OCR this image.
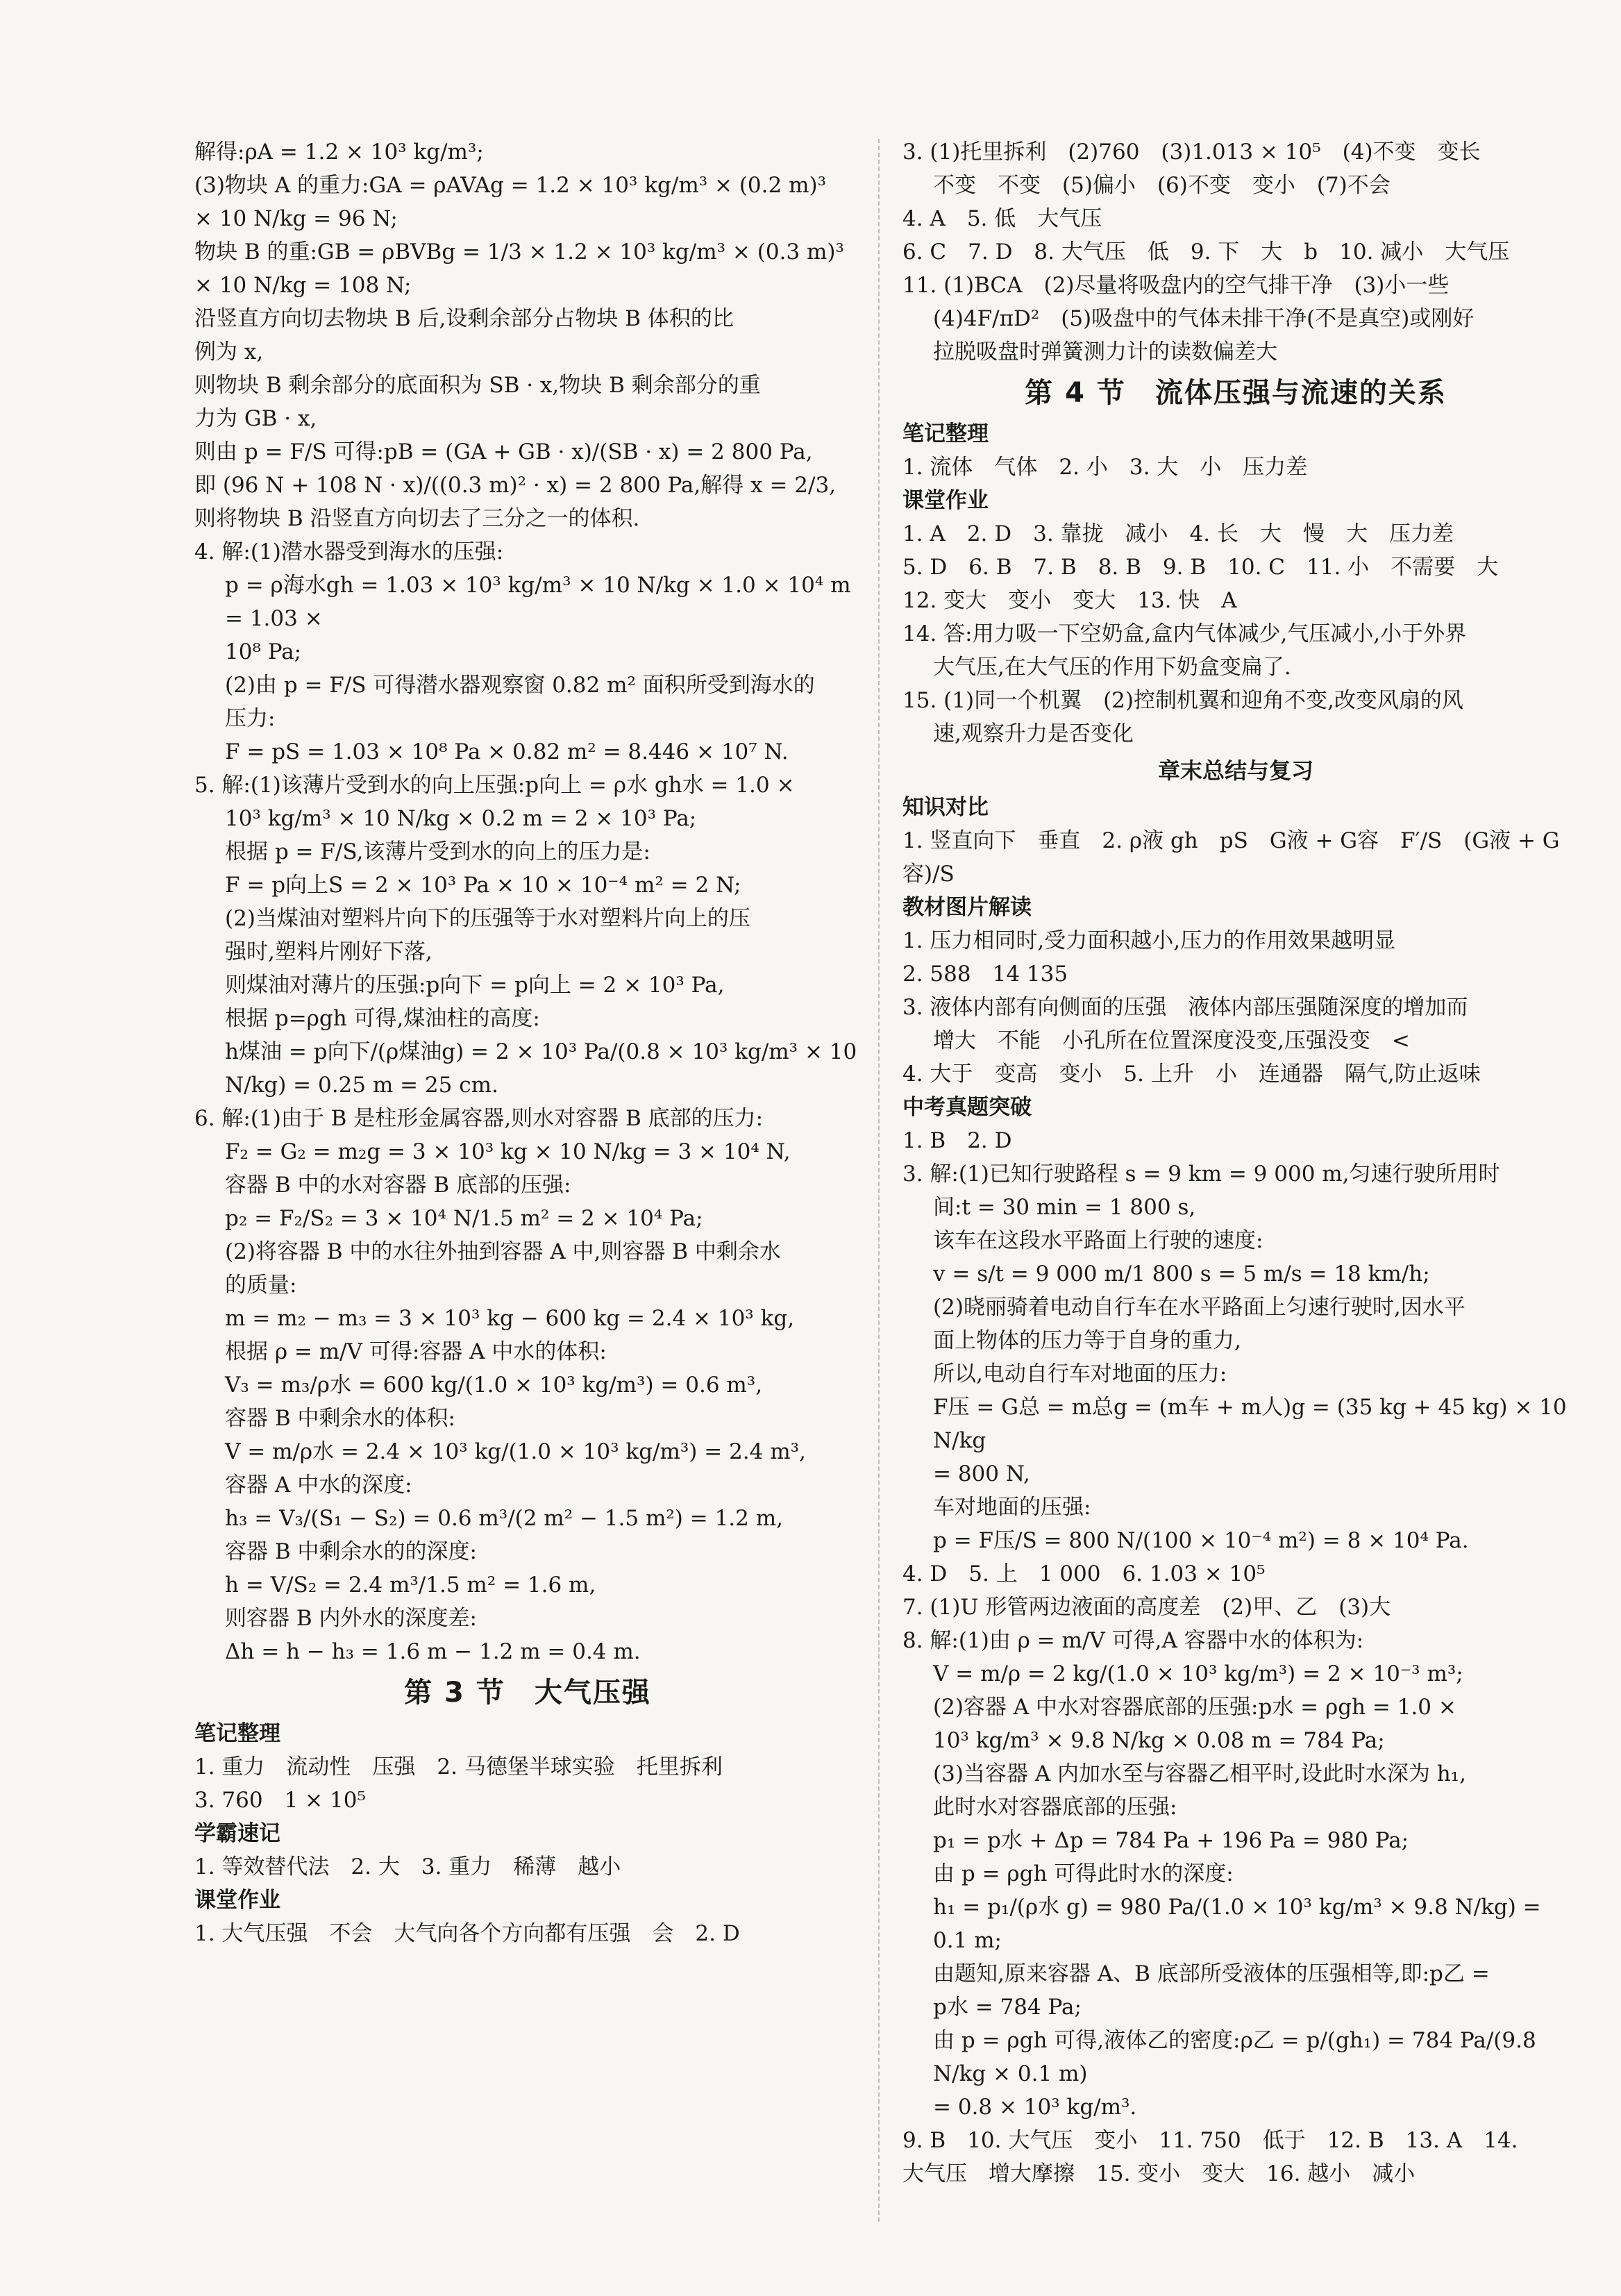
解得:ρA = 1.2 × 10³ kg/m³;
(3)物块 A 的重力:GA = ρAVAg = 1.2 × 10³ kg/m³ × (0.2 m)³
× 10 N/kg = 96 N;
物块 B 的重:GB = ρBVBg = 1/3 × 1.2 × 10³ kg/m³ × (0.3 m)³
× 10 N/kg = 108 N;
沿竖直方向切去物块 B 后,设剩余部分占物块 B 体积的比
例为 x,
则物块 B 剩余部分的底面积为 SB · x,物块 B 剩余部分的重
力为 GB · x,
则由 p = F/S 可得:pB = (GA + GB · x)/(SB · x) = 2 800 Pa,
即 (96 N + 108 N · x)/((0.3 m)² · x) = 2 800 Pa,解得 x = 2/3,
则将物块 B 沿竖直方向切去了三分之一的体积.
4. 解:(1)潜水器受到海水的压强:
p = ρ海水gh = 1.03 × 10³ kg/m³ × 10 N/kg × 1.0 × 10⁴ m = 1.03 ×
10⁸ Pa;
(2)由 p = F/S 可得潜水器观察窗 0.82 m² 面积所受到海水的
压力:
F = pS = 1.03 × 10⁸ Pa × 0.82 m² = 8.446 × 10⁷ N.
5. 解:(1)该薄片受到水的向上压强:p向上 = ρ水 gh水 = 1.0 ×
10³ kg/m³ × 10 N/kg × 0.2 m = 2 × 10³ Pa;
根据 p = F/S,该薄片受到水的向上的压力是:
F = p向上S = 2 × 10³ Pa × 10 × 10⁻⁴ m² = 2 N;
(2)当煤油对塑料片向下的压强等于水对塑料片向上的压
强时,塑料片刚好下落,
则煤油对薄片的压强:p向下 = p向上 = 2 × 10³ Pa,
根据 p=ρgh 可得,煤油柱的高度:
h煤油 = p向下/(ρ煤油g) = 2 × 10³ Pa/(0.8 × 10³ kg/m³ × 10 N/kg) = 0.25 m = 25 cm.
6. 解:(1)由于 B 是柱形金属容器,则水对容器 B 底部的压力:
F₂ = G₂ = m₂g = 3 × 10³ kg × 10 N/kg = 3 × 10⁴ N,
容器 B 中的水对容器 B 底部的压强:
p₂ = F₂/S₂ = 3 × 10⁴ N/1.5 m² = 2 × 10⁴ Pa;
(2)将容器 B 中的水往外抽到容器 A 中,则容器 B 中剩余水
的质量:
m = m₂ − m₃ = 3 × 10³ kg − 600 kg = 2.4 × 10³ kg,
根据 ρ = m/V 可得:容器 A 中水的体积:
V₃ = m₃/ρ水 = 600 kg/(1.0 × 10³ kg/m³) = 0.6 m³,
容器 B 中剩余水的体积:
V = m/ρ水 = 2.4 × 10³ kg/(1.0 × 10³ kg/m³) = 2.4 m³,
容器 A 中水的深度:
h₃ = V₃/(S₁ − S₂) = 0.6 m³/(2 m² − 1.5 m²) = 1.2 m,
容器 B 中剩余水的的深度:
h = V/S₂ = 2.4 m³/1.5 m² = 1.6 m,
则容器 B 内外水的深度差:
Δh = h − h₃ = 1.6 m − 1.2 m = 0.4 m.
第 3 节　大气压强
笔记整理
1. 重力　流动性　压强　2. 马德堡半球实验　托里拆利
3. 760　1 × 10⁵
学霸速记
1. 等效替代法　2. 大　3. 重力　稀薄　越小
课堂作业
1. 大气压强　不会　大气向各个方向都有压强　会　2. D
3. (1)托里拆利　(2)760　(3)1.013 × 10⁵　(4)不变　变长
不变　不变　(5)偏小　(6)不变　变小　(7)不会
4. A　5. 低　大气压
6. C　7. D　8. 大气压　低　9. 下　大　b　10. 减小　大气压
11. (1)BCA　(2)尽量将吸盘内的空气排干净　(3)小一些
(4)4F/πD²　(5)吸盘中的气体未排干净(不是真空)或刚好
拉脱吸盘时弹簧测力计的读数偏差大
第 4 节　流体压强与流速的关系
笔记整理
1. 流体　气体　2. 小　3. 大　小　压力差
课堂作业
1. A　2. D　3. 靠拢　减小　4. 长　大　慢　大　压力差
5. D　6. B　7. B　8. B　9. B　10. C　11. 小　不需要　大
12. 变大　变小　变大　13. 快　A
14. 答:用力吸一下空奶盒,盒内气体减少,气压减小,小于外界
大气压,在大气压的作用下奶盒变扁了.
15. (1)同一个机翼　(2)控制机翼和迎角不变,改变风扇的风
速,观察升力是否变化
章末总结与复习
知识对比
1. 竖直向下　垂直　2. ρ液 gh　pS　G液 + G容　F′/S　(G液 + G容)/S
教材图片解读
1. 压力相同时,受力面积越小,压力的作用效果越明显
2. 588　14 135
3. 液体内部有向侧面的压强　液体内部压强随深度的增加而
增大　不能　小孔所在位置深度没变,压强没变　<
4. 大于　变高　变小　5. 上升　小　连通器　隔气,防止返味
中考真题突破
1. B　2. D
3. 解:(1)已知行驶路程 s = 9 km = 9 000 m,匀速行驶所用时
间:t = 30 min = 1 800 s,
该车在这段水平路面上行驶的速度:
v = s/t = 9 000 m/1 800 s = 5 m/s = 18 km/h;
(2)晓丽骑着电动自行车在水平路面上匀速行驶时,因水平
面上物体的压力等于自身的重力,
所以,电动自行车对地面的压力:
F压 = G总 = m总g = (m车 + m人)g = (35 kg + 45 kg) × 10 N/kg
= 800 N,
车对地面的压强:
p = F压/S = 800 N/(100 × 10⁻⁴ m²) = 8 × 10⁴ Pa.
4. D　5. 上　1 000　6. 1.03 × 10⁵
7. (1)U 形管两边液面的高度差　(2)甲、乙　(3)大
8. 解:(1)由 ρ = m/V 可得,A 容器中水的体积为:
V = m/ρ = 2 kg/(1.0 × 10³ kg/m³) = 2 × 10⁻³ m³;
(2)容器 A 中水对容器底部的压强:p水 = ρgh = 1.0 ×
10³ kg/m³ × 9.8 N/kg × 0.08 m = 784 Pa;
(3)当容器 A 内加水至与容器乙相平时,设此时水深为 h₁,
此时水对容器底部的压强:
p₁ = p水 + Δp = 784 Pa + 196 Pa = 980 Pa;
由 p = ρgh 可得此时水的深度:
h₁ = p₁/(ρ水 g) = 980 Pa/(1.0 × 10³ kg/m³ × 9.8 N/kg) = 0.1 m;
由题知,原来容器 A、B 底部所受液体的压强相等,即:p乙 =
p水 = 784 Pa;
由 p = ρgh 可得,液体乙的密度:ρ乙 = p/(gh₁) = 784 Pa/(9.8 N/kg × 0.1 m)
= 0.8 × 10³ kg/m³.
9. B　10. 大气压　变小　11. 750　低于　12. B　13. A　14.
大气压　增大摩擦　15. 变小　变大　16. 越小　减小
